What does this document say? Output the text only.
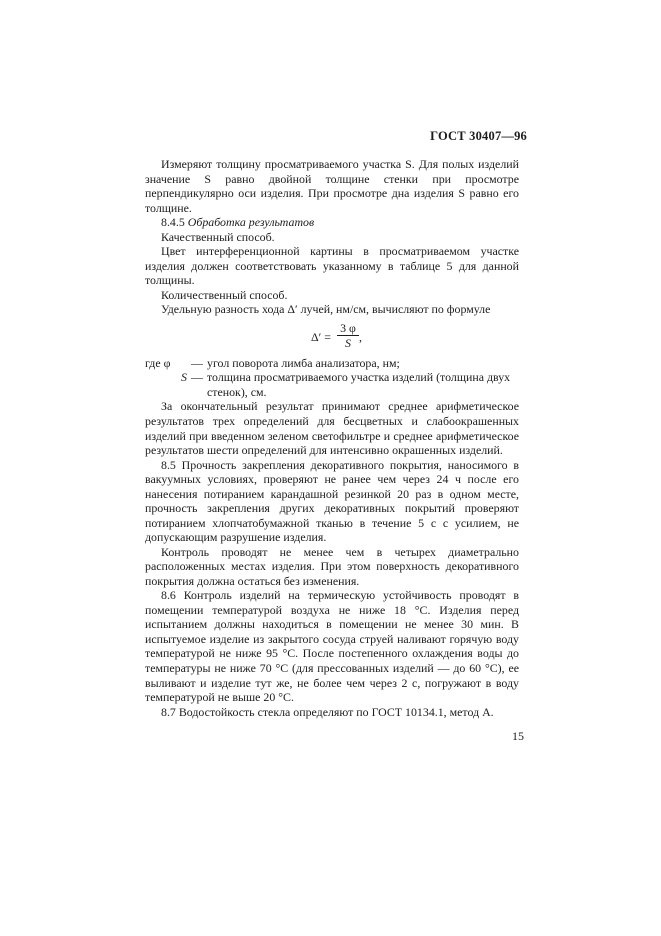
ГОСТ 30407—96

Измеряют толщину просматриваемого участка S. Для полых изделий значение S равно двойной толщине стенки при просмотре перпендикулярно оси изделия. При просмотре дна изделия S равно его толщине.

8.4.5 Обработка результатов

Качественный способ.

Цвет интерференционной картины в просматриваемом участке изделия должен соответствовать указанному в таблице 5 для данной толщины.

Количественный способ.

Удельную разность хода Δ′ лучей, нм/см, вычисляют по формуле

$\Delta' = \frac{3 \varphi}{S}$ ,
где φ	— угол поворота лимба анализатора, нм;
S — толщина просматриваемого участка изделий (толщина двух стенок), см.

За окончательный результат принимают среднее арифметическое результатов трех определений для бесцветных и слабоокрашенных изделий при введенном зеленом светофильтре и среднее арифметическое результатов шести определений для интенсивно окрашенных изделий.

8.5 Прочность закрепления декоративного покрытия, наносимого в вакуумных условиях, проверяют не ранее чем через 24 ч после его нанесения потиранием карандашной резинкой 20 раз в одном месте, прочность закрепления других декоративных покрытий проверяют потиранием хлопчатобумажной тканью в течение 5 с с усилием, не допускающим разрушение изделия.

Контроль проводят не менее чем в четырех диаметрально расположенных местах изделия. При этом поверхность декоративного покрытия должна остаться без изменения.

8.6 Контроль изделий на термическую устойчивость проводят в помещении температурой воздуха не ниже 18 °С. Изделия перед испытанием должны находиться в помещении не менее 30 мин. В испытуемое изделие из закрытого сосуда струей наливают горячую воду температурой не ниже 95 °С. После постепенного охлаждения воды до температуры не ниже 70 °С (для прессованных изделий — до 60 °С), ее выливают и изделие тут же, не более чем через 2 с, погружают в воду температурой не выше 20 °С.

8.7 Водостойкость стекла определяют по ГОСТ 10134.1, метод А.

15
